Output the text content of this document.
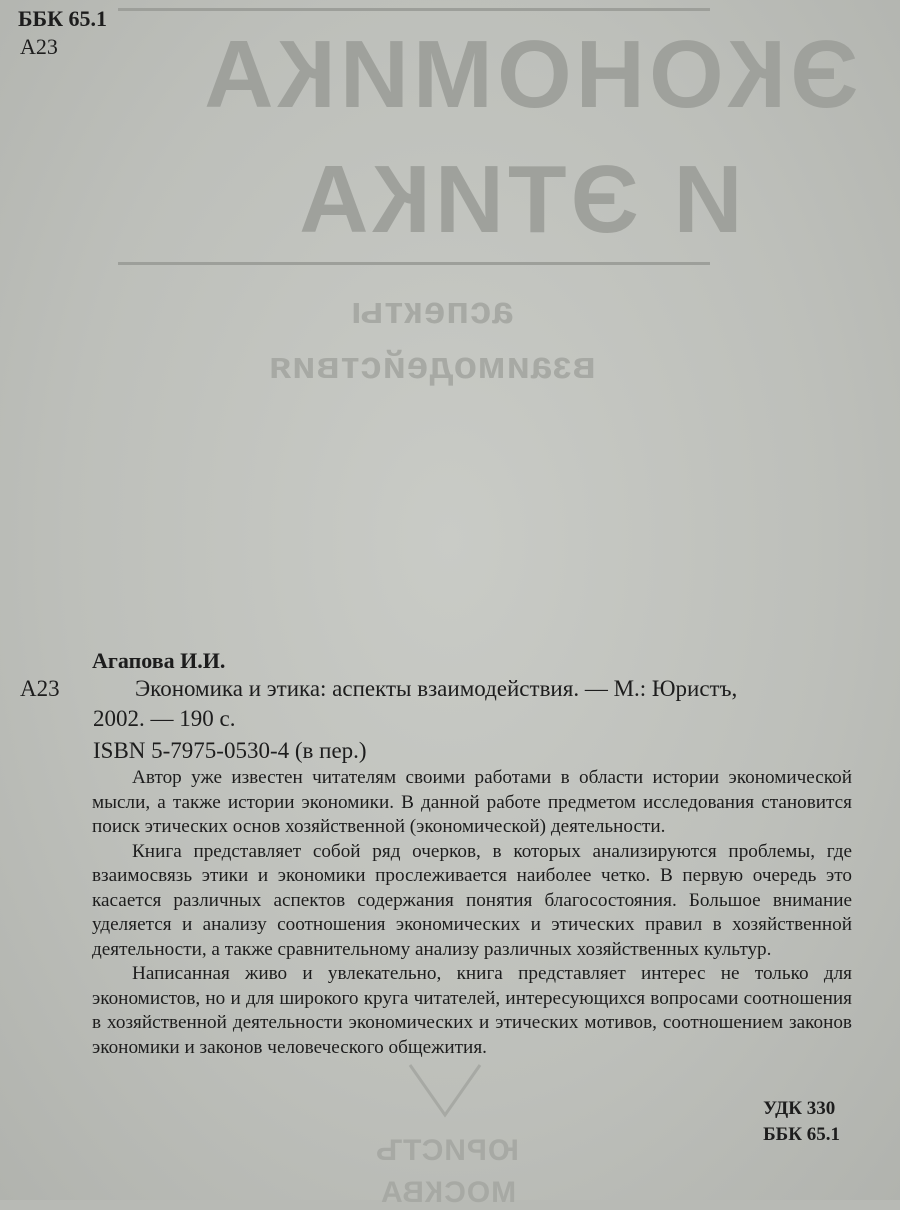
ЭКОНОМИКА
И ЭТИКА
аспекты
взаимодействия
ЮРИСТЪ
МОСКВА
ББК 65.1
А23
Агапова И.И.
А23	Экономика и этика: аспекты взаимодействия. — М.: Юристъ,
2002. — 190 с.
ISBN 5-7975-0530-4 (в пер.)

Автор уже известен читателям своими работами в области истории экономической мысли, а также истории экономики. В данной работе предметом исследования становится поиск этических основ хозяйственной (экономической) деятельности.

Книга представляет собой ряд очерков, в которых анализируются проблемы, где взаимосвязь этики и экономики прослеживается наиболее четко. В первую очередь это касается различных аспектов содержания понятия благосостояния. Большое внимание уделяется и анализу соотношения экономических и этических правил в хозяйственной деятельности, а также сравнительному анализу различных хозяйственных культур.

Написанная живо и увлекательно, книга представляет интерес не только для экономистов, но и для широкого круга читателей, интересующихся вопросами соотношения в хозяйственной деятельности экономических и этических мотивов, соотношением законов экономики и законов человеческого общежития.

УДК 330
ББК 65.1
